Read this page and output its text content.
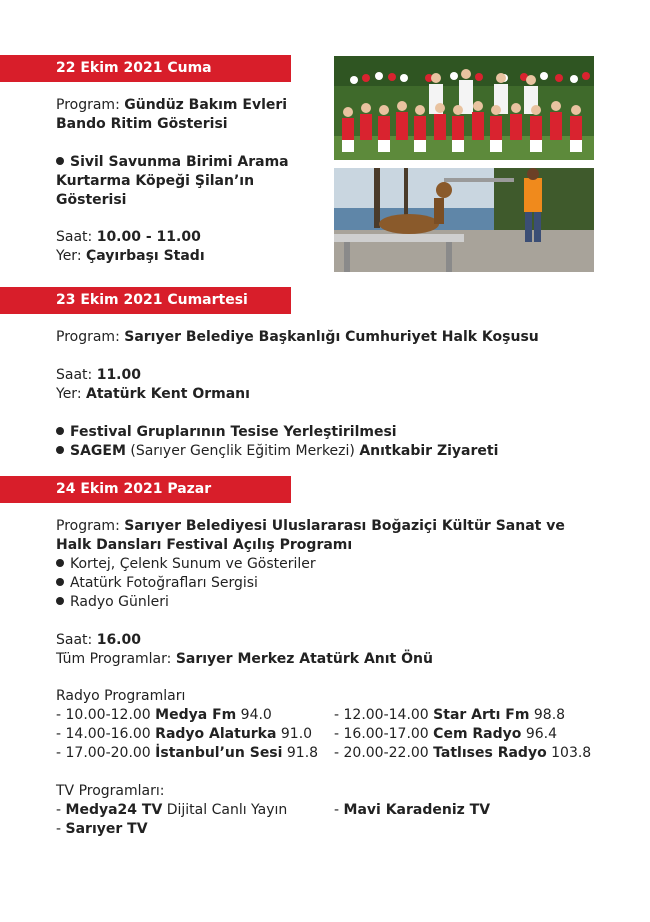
22 Ekim 2021 Cuma
Program: Gündüz Bakım Evleri
Bando Ritim Gösterisi
Sivil Savunma Birimi Arama
Kurtarma Köpeği Şilan’ın
Gösterisi
Saat: 10.00 - 11.00
Yer: Çayırbaşı Stadı
23 Ekim 2021 Cumartesi
Program: Sarıyer Belediye Başkanlığı Cumhuriyet Halk Koşusu
Saat: 11.00
Yer: Atatürk Kent Ormanı
Festival Gruplarının Tesise Yerleştirilmesi
SAGEM (Sarıyer Gençlik Eğitim Merkezi) Anıtkabir Ziyareti
24 Ekim 2021 Pazar
Program: Sarıyer Belediyesi Uluslararası Boğaziçi Kültür Sanat ve
Halk Dansları Festival Açılış Programı
Kortej, Çelenk Sunum ve Gösteriler
Atatürk Fotoğrafları Sergisi
Radyo Günleri
Saat: 16.00
Tüm Programlar: Sarıyer Merkez Atatürk Anıt Önü
Radyo Programları
- 10.00-12.00 Medya Fm 94.0	- 12.00-14.00 Star Artı Fm 98.8
- 14.00-16.00 Radyo Alaturka 91.0 - 16.00-17.00 Cem Radyo 96.4
- 17.00-20.00 İstanbul’un Sesi 91.8 - 20.00-22.00 Tatlıses Radyo 103.8
TV Programları:
- Medya24 TV Dijital Canlı Yayın	- Mavi Karadeniz TV
- Sarıyer TV
